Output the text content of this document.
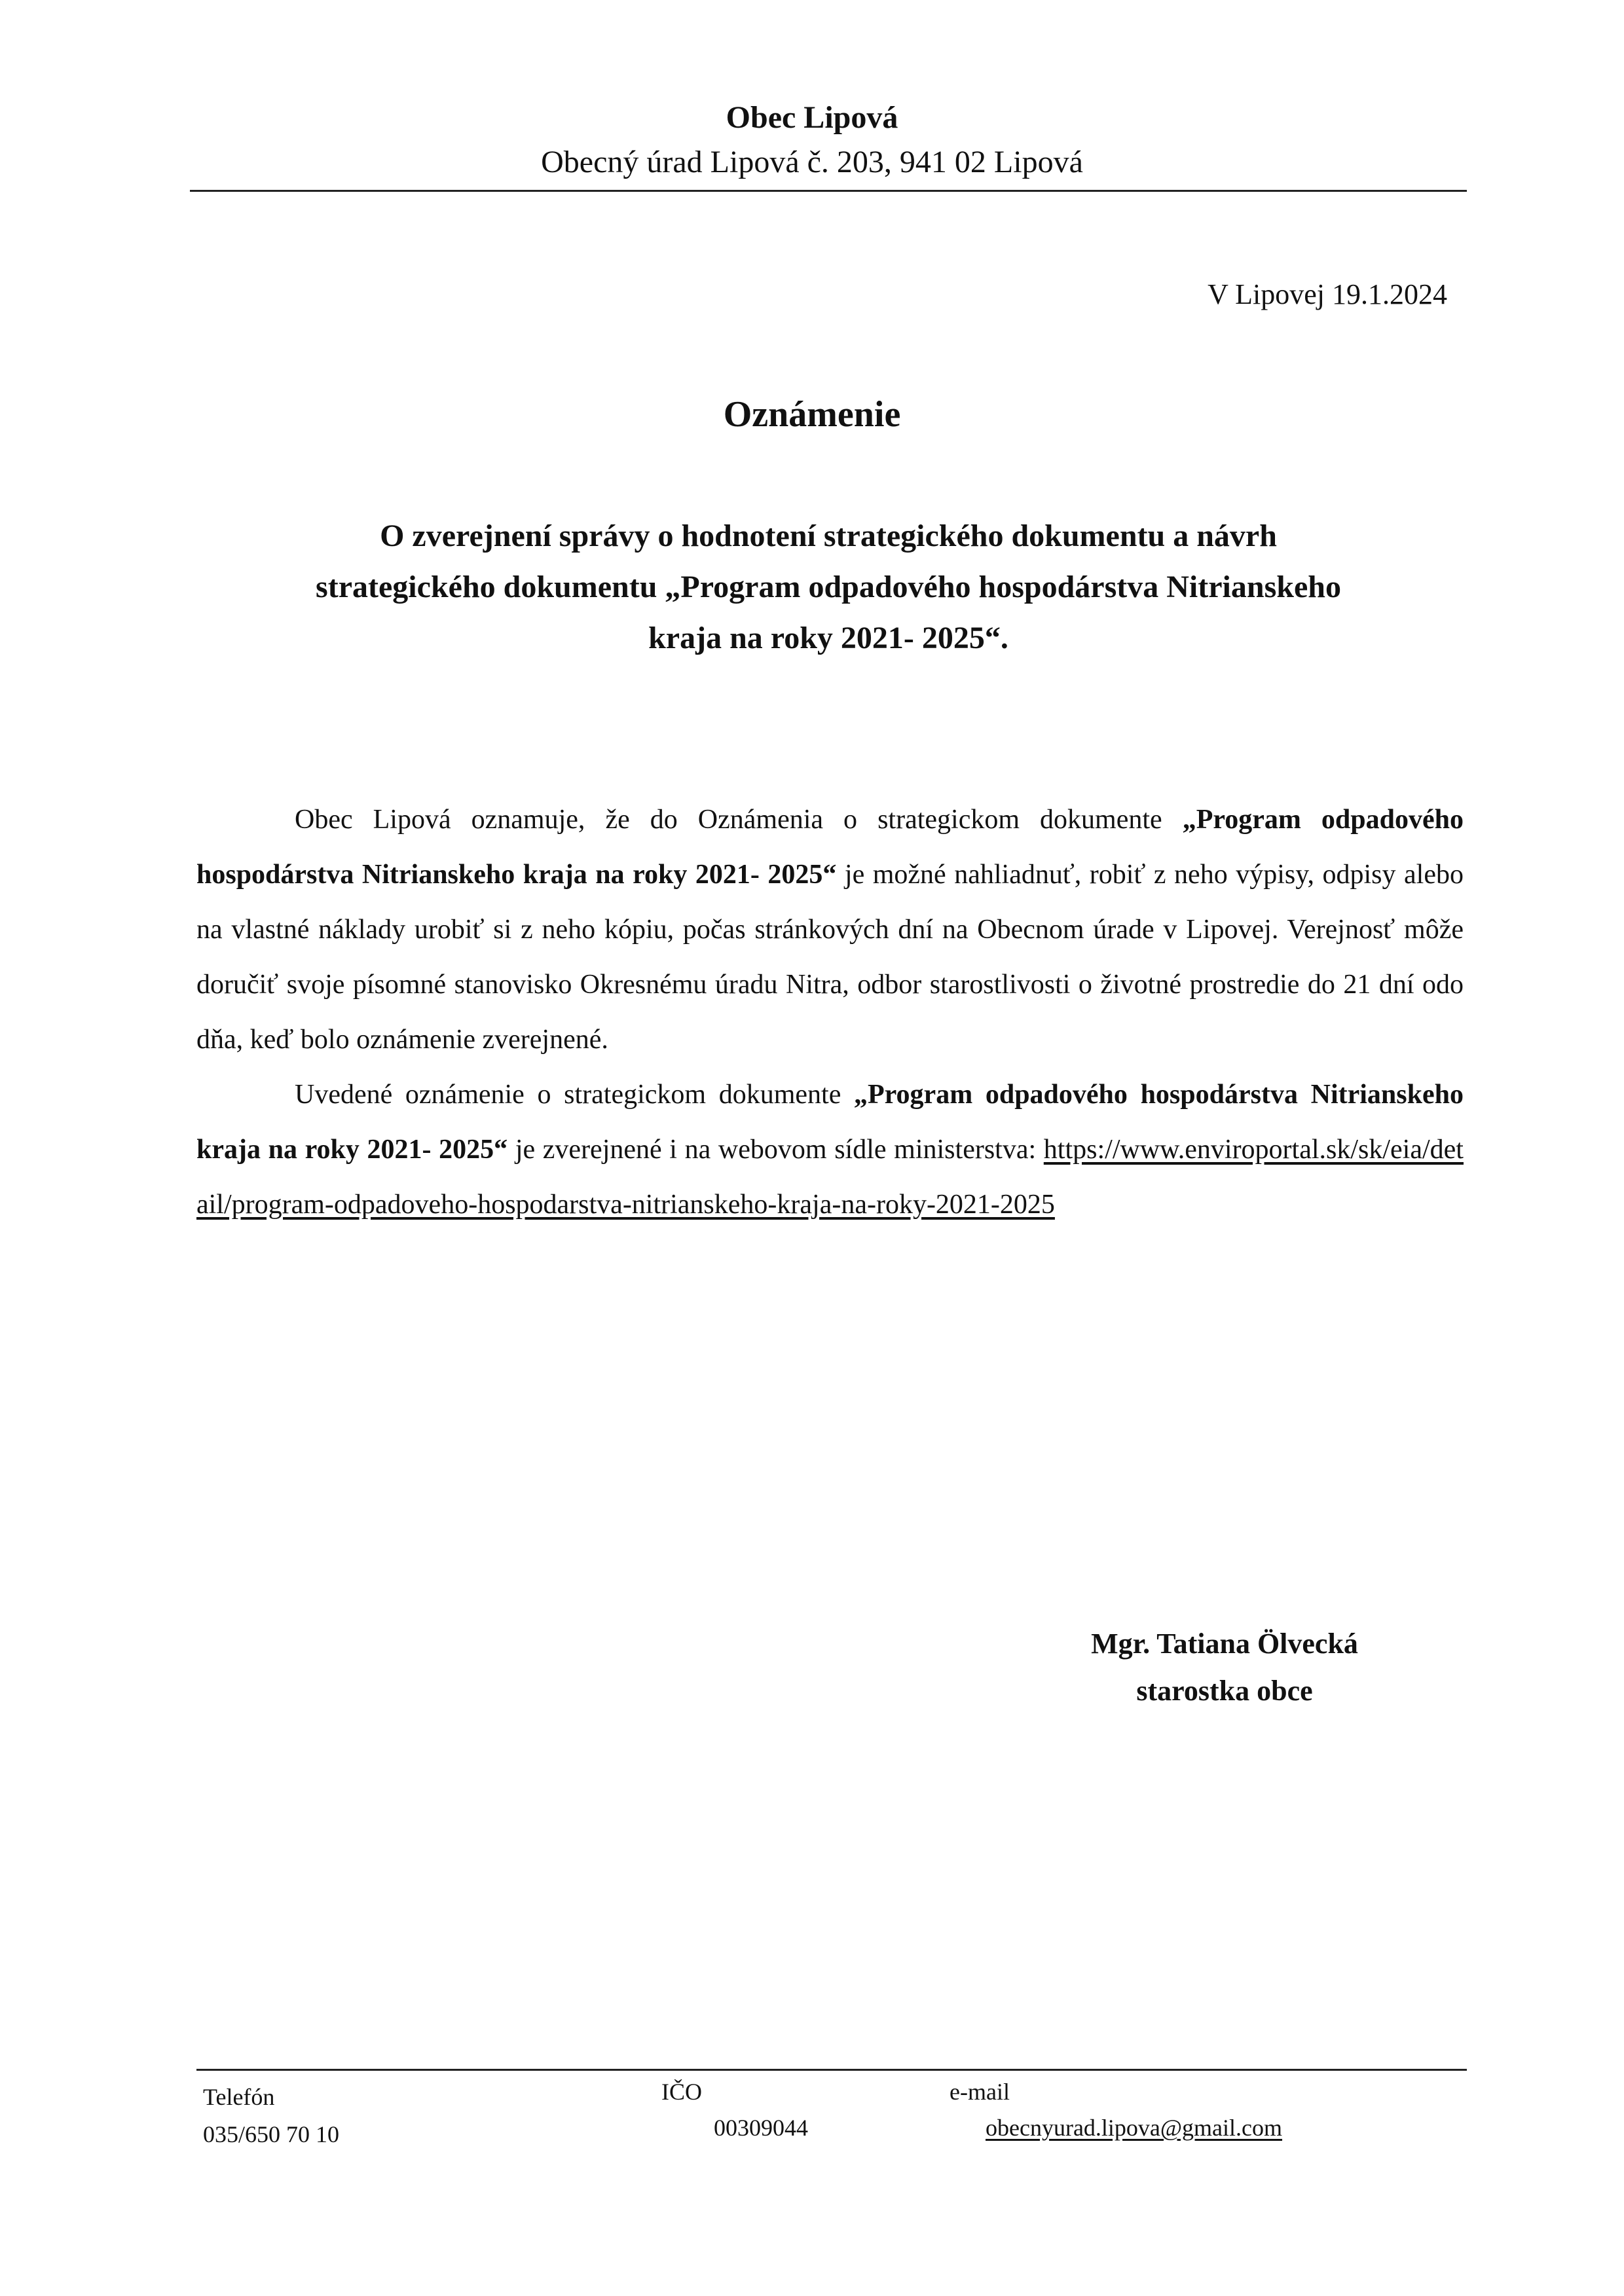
Obec Lipová
Obecný úrad Lipová č. 203, 941 02 Lipová
V Lipovej 19.1.2024
Oznámenie
O zverejnení správy o hodnotení strategického dokumentu a návrh
strategického dokumentu „Program odpadového hospodárstva Nitrianskeho
kraja na roky 2021- 2025“.

Obec Lipová oznamuje, že do Oznámenia o strategickom dokumente „Program odpadového hospodárstva Nitrianskeho kraja na roky 2021- 2025“ je možné nahliadnuť, robiť z neho výpisy, odpisy alebo na vlastné náklady urobiť si z neho kópiu, počas stránkových dní na Obecnom úrade v Lipovej. Verejnosť môže doručiť svoje písomné stanovisko Okresnému úradu Nitra, odbor starostlivosti o životné prostredie do 21 dní odo dňa, keď bolo oznámenie zverejnené.

Uvedené oznámenie o strategickom dokumente „Program odpadového hospodárstva Nitrianskeho kraja na roky 2021- 2025“ je zverejnené i na webovom sídle ministerstva: https://www.enviroportal.sk/sk/eia/detail/program-odpadoveho-hospodarstva-nitrianskeho-kraja-na-roky-2021-2025

Mgr. Tatiana Ölvecká
starostka obce
Telefón
035/650 70 10
IČO
00309044
e-mail
obecnyurad.lipova@gmail.com
